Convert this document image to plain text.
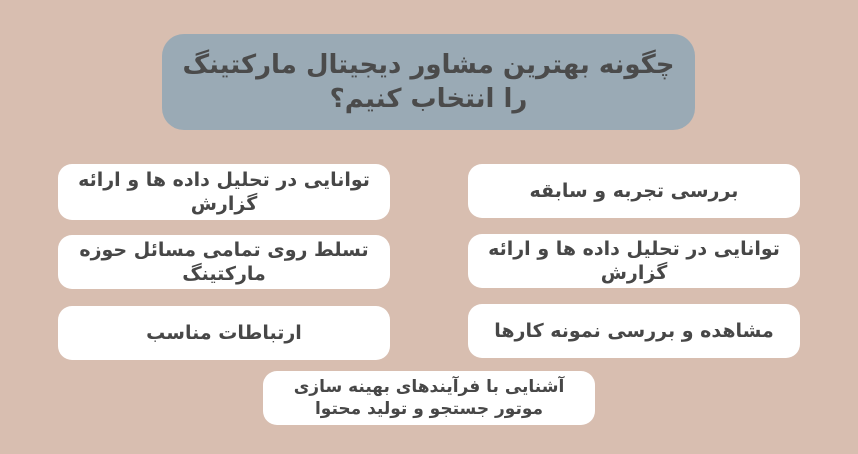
چگونه بهترین مشاور دیجیتال مارکتینگ را انتخاب کنیم؟
بررسی تجربه و سابقه
توانایی در تحلیل داده ها و ارائه گزارش
مشاهده و بررسی نمونه کارها
توانایی در تحلیل داده ها و ارائه گزارش
تسلط روی تمامی مسائل حوزه مارکتینگ
ارتباطات مناسب
آشنایی با فرآیندهای بهینه سازی موتور جستجو و تولید محتوا
